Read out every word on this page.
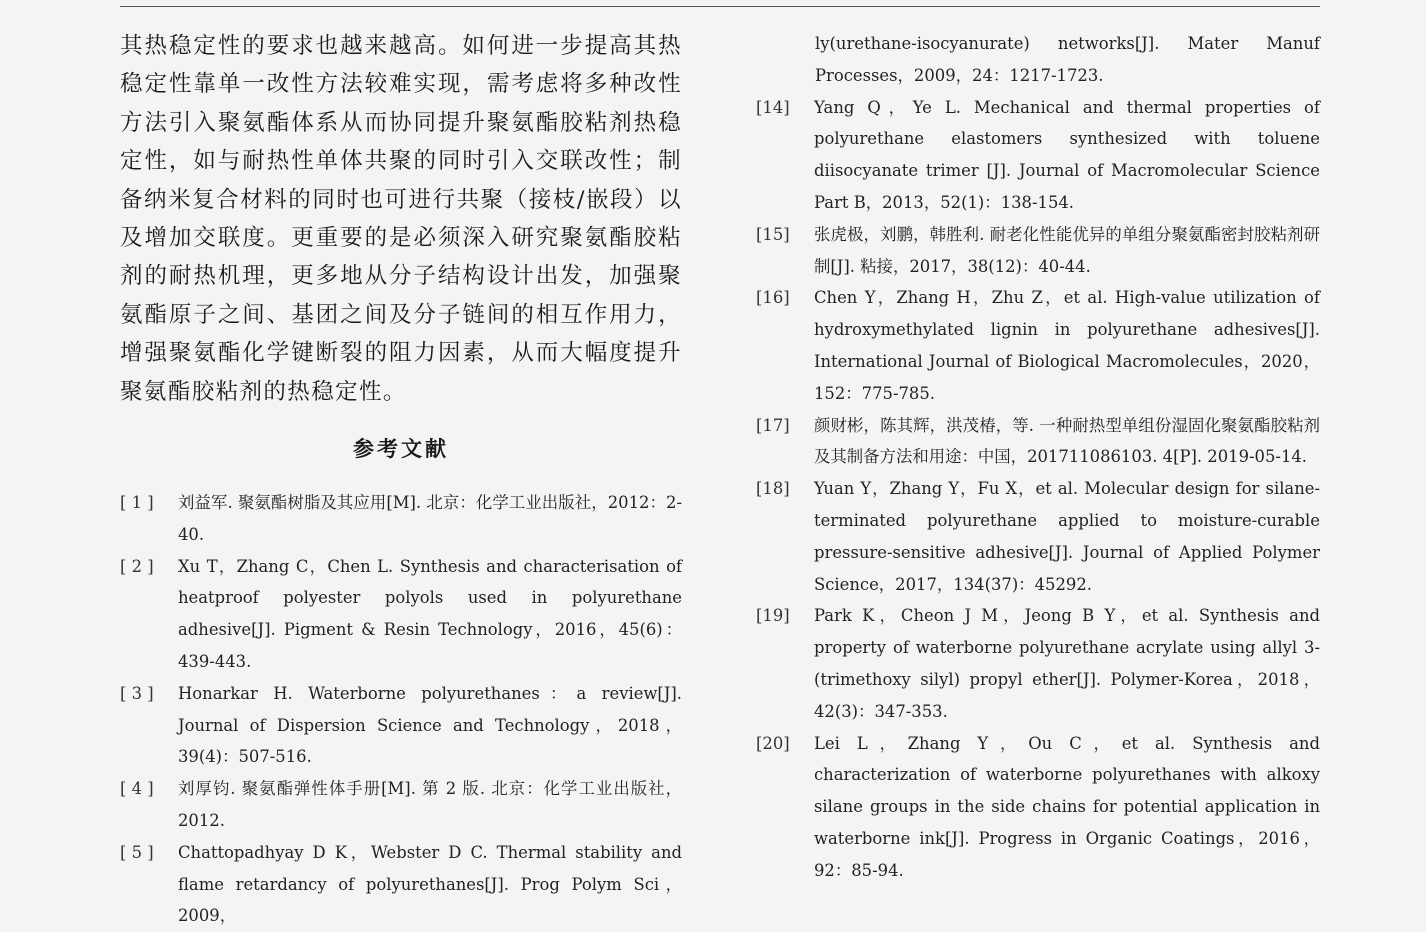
其热稳定性的要求也越来越高。如何进一步提高其热稳定性靠单一改性方法较难实现，需考虑将多种改性方法引入聚氨酯体系从而协同提升聚氨酯胶粘剂热稳定性，如与耐热性单体共聚的同时引入交联改性；制备纳米复合材料的同时也可进行共聚（接枝/嵌段）以及增加交联度。更重要的是必须深入研究聚氨酯胶粘剂的耐热机理，更多地从分子结构设计出发，加强聚氨酯原子之间、基团之间及分子链间的相互作用力，增强聚氨酯化学键断裂的阻力因素，从而大幅度提升聚氨酯胶粘剂的热稳定性。

参考文献
[ 1 ] 刘益军. 聚氨酯树脂及其应用[M]. 北京：化学工业出版社，2012：2-40.
[ 2 ] Xu T，Zhang C，Chen L. Synthesis and characterisation of heatproof polyester polyols used in polyurethane adhesive[J]. Pigment & Resin Technology，2016，45(6)：439-443.
[ 3 ] Honarkar H. Waterborne polyurethanes：a review[J]. Journal of Dispersion Science and Technology，2018，39(4)：507-516.
[ 4 ] 刘厚钧. 聚氨酯弹性体手册[M]. 第 2 版. 北京：化学工业出版社，2012.
[ 5 ] Chattopadhyay D K，Webster D C. Thermal stability and flame retardancy of polyurethanes[J]. Prog Polym Sci，2009，
ly(urethane-isocyanurate) networks[J]. Mater Manuf Processes，2009，24：1217-1723.
[14] Yang Q，Ye L. Mechanical and thermal properties of polyurethane elastomers synthesized with toluene diisocyanate trimer [J]. Journal of Macromolecular Science Part B，2013，52(1)：138-154.
[15] 张虎极，刘鹏，韩胜利. 耐老化性能优异的单组分聚氨酯密封胶粘剂研制[J]. 粘接，2017，38(12)：40-44.
[16] Chen Y，Zhang H，Zhu Z，et al. High-value utilization of hydroxymethylated lignin in polyurethane adhesives[J]. International Journal of Biological Macromolecules，2020，152：775-785.
[17] 颜财彬，陈其辉，洪茂椿，等. 一种耐热型单组份湿固化聚氨酯胶粘剂及其制备方法和用途：中国，201711086103. 4[P]. 2019-05-14.
[18] Yuan Y，Zhang Y，Fu X，et al. Molecular design for silane-terminated polyurethane applied to moisture-curable pressure-sensitive adhesive[J]. Journal of Applied Polymer Science，2017，134(37)：45292.
[19] Park K，Cheon J M，Jeong B Y，et al. Synthesis and property of waterborne polyurethane acrylate using allyl 3-(trimethoxy silyl) propyl ether[J]. Polymer-Korea，2018，42(3)：347-353.
[20] Lei L，Zhang Y，Ou C，et al. Synthesis and characterization of waterborne polyurethanes with alkoxy silane groups in the side chains for potential application in waterborne ink[J]. Progress in Organic Coatings，2016，92：85-94.
